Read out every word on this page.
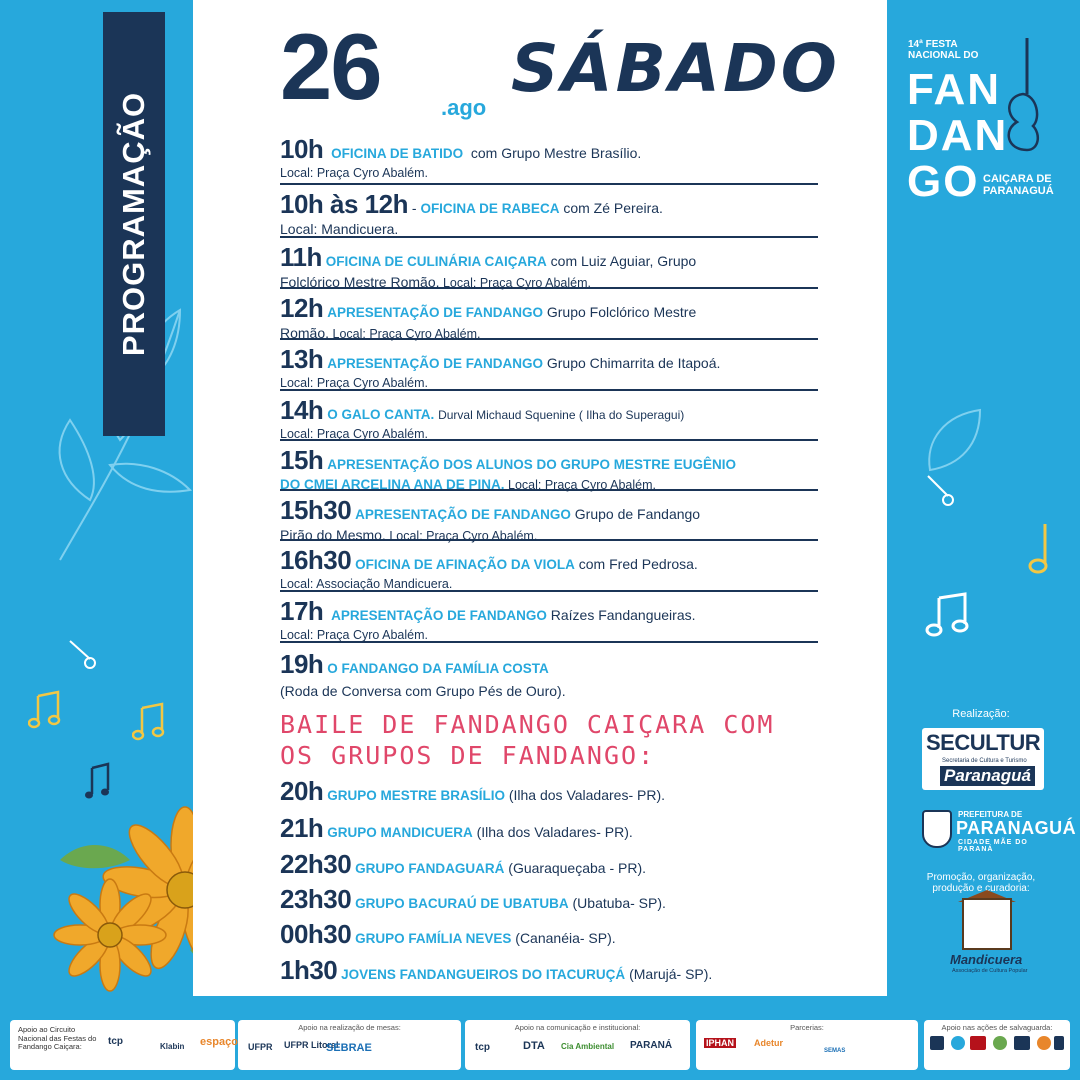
PROGRAMAÇÃO
26	.ago
SÁBADO
10h OFICINA DE BATIDO com Grupo Mestre Brasílio.
Local: Praça Cyro Abalém.
10h às 12h - OFICINA DE RABECA com Zé Pereira.
Local: Mandicuera.
11h OFICINA DE CULINÁRIA CAIÇARA com Luiz Aguiar, Grupo
Folclórico Mestre Romão. Local: Praça Cyro Abalém.
12h APRESENTAÇÃO DE FANDANGO Grupo Folclórico Mestre
Romão. Local: Praça Cyro Abalém.
13h APRESENTAÇÃO DE FANDANGO Grupo Chimarrita de Itapoá.
Local: Praça Cyro Abalém.
14h O GALO CANTA. Durval Michaud Squenine ( Ilha do Superagui)
Local: Praça Cyro Abalém.
15h APRESENTAÇÃO DOS ALUNOS DO GRUPO MESTRE EUGÊNIO
DO CMEI ARCELINA ANA DE PINA. Local: Praça Cyro Abalém.
15h30 APRESENTAÇÃO DE FANDANGO Grupo de Fandango
Pirão do Mesmo. Local: Praça Cyro Abalém.
16h30 OFICINA DE AFINAÇÃO DA VIOLA com Fred Pedrosa.
Local: Associação Mandicuera.
17h APRESENTAÇÃO DE FANDANGO Raízes Fandangueiras.
Local: Praça Cyro Abalém.
19h O FANDANGO DA FAMÍLIA COSTA
(Roda de Conversa com Grupo Pés de Ouro).
BAILE DE FANDANGO CAIÇARA COM
OS GRUPOS DE FANDANGO:
20h GRUPO MESTRE BRASÍLIO (Ilha dos Valadares- PR).
21h GRUPO MANDICUERA (Ilha dos Valadares- PR).
22h30 GRUPO FANDAGUARÁ (Guaraqueçaba - PR).
23h30 GRUPO BACURAÚ DE UBATUBA (Ubatuba- SP).
00h30 GRUPO FAMÍLIA NEVES (Cananéia- SP).
1h30 JOVENS FANDANGUEIROS DO ITACURUÇÁ (Marujá- SP).
14ª FESTA
NACIONAL DO
FAN
DAN
GO CAIÇARA DE
PARANAGUÁ
Realização:
SECULTUR
Secretaria de Cultura e Turismo
Paranaguá
PREFEITURA DE
PARANAGUÁ
CIDADE MÃE DO PARANÁ
Promoção, organização, produção e curadoria:
Mandicuera
Associação de Cultura Popular
Apoio ao Circuito Nacional das Festas do Fandango Caiçara:	tcp	Klabin espaço
Apoio na realização de mesas:
UFPR UFPR Litoral
SEBRAE
Apoio na comunicação e institucional:
tcp	DTA Cia Ambiental PARANÁ
Parcerias:
IPHAN Adetur
SEMAS
Apoio nas ações de salvaguarda:
